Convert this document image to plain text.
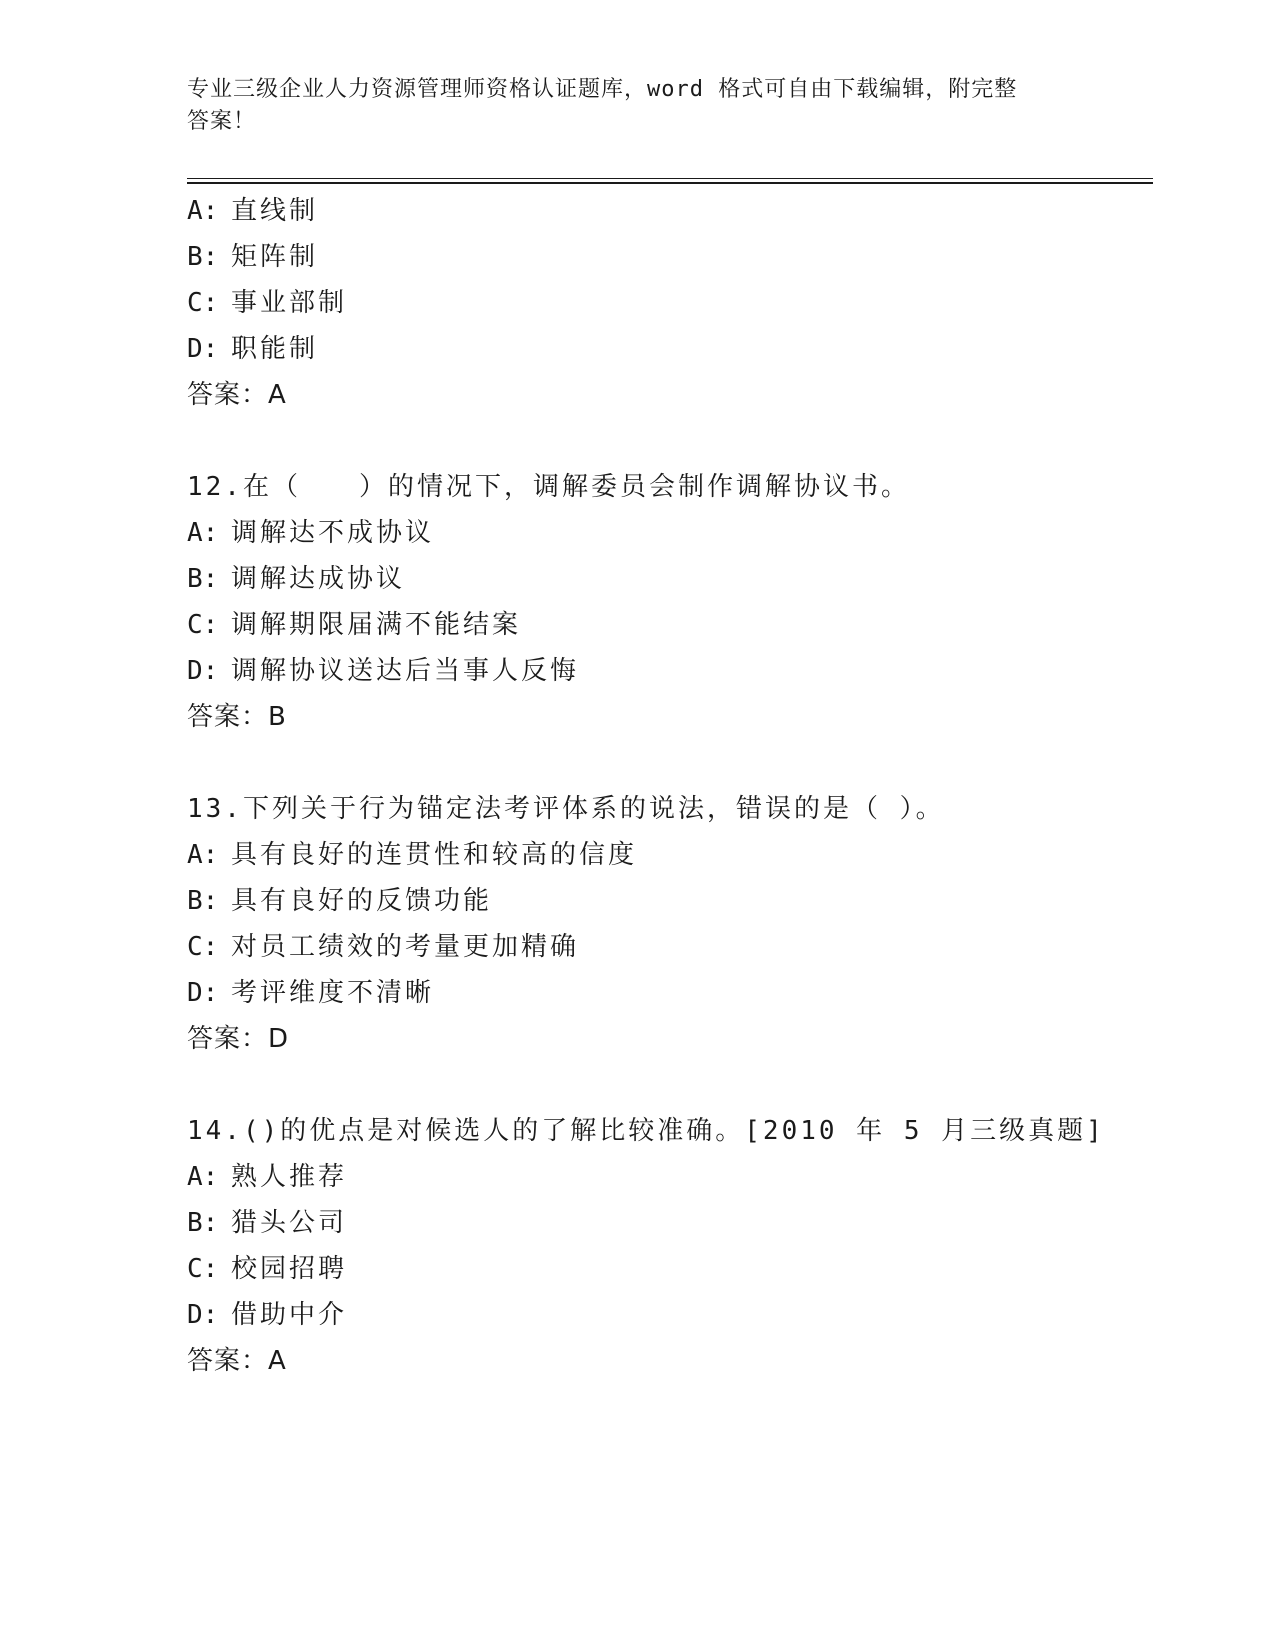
专业三级企业人力资源管理师资格认证题库，word 格式可自由下载编辑，附完整
答案！
A: 直线制
B: 矩阵制
C: 事业部制
D: 职能制
答案：A
12.在（　　）的情况下，调解委员会制作调解协议书。
A: 调解达不成协议
B: 调解达成协议
C: 调解期限届满不能结案
D: 调解协议送达后当事人反悔
答案：B
13.下列关于行为锚定法考评体系的说法，错误的是（ ）。
A: 具有良好的连贯性和较高的信度
B: 具有良好的反馈功能
C: 对员工绩效的考量更加精确
D: 考评维度不清晰
答案：D
14.()的优点是对候选人的了解比较准确。[2010 年 5 月三级真题]
A: 熟人推荐
B: 猎头公司
C: 校园招聘
D: 借助中介
答案：A
